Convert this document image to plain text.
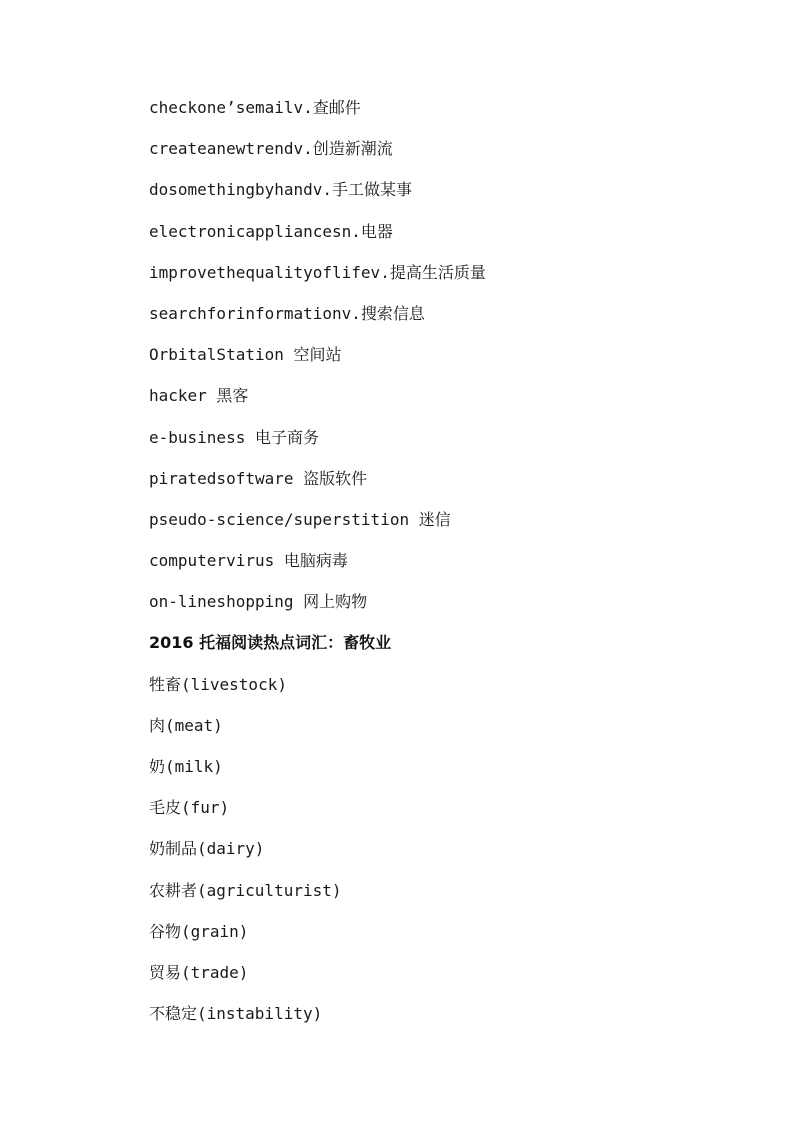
checkone’semailv.查邮件
createanewtrendv.创造新潮流
dosomethingbyhandv.手工做某事
electronicappliancesn.电器
improvethequalityoflifev.提高生活质量
searchforinformationv.搜索信息
OrbitalStation 空间站
hacker 黑客
e-business 电子商务
piratedsoftware 盗版软件
pseudo-science/superstition 迷信
computervirus 电脑病毒
on-lineshopping 网上购物
2016 托福阅读热点词汇：畜牧业
牲畜(livestock)
肉(meat)
奶(milk)
毛皮(fur)
奶制品(dairy)
农耕者(agriculturist)
谷物(grain)
贸易(trade)
不稳定(instability)
